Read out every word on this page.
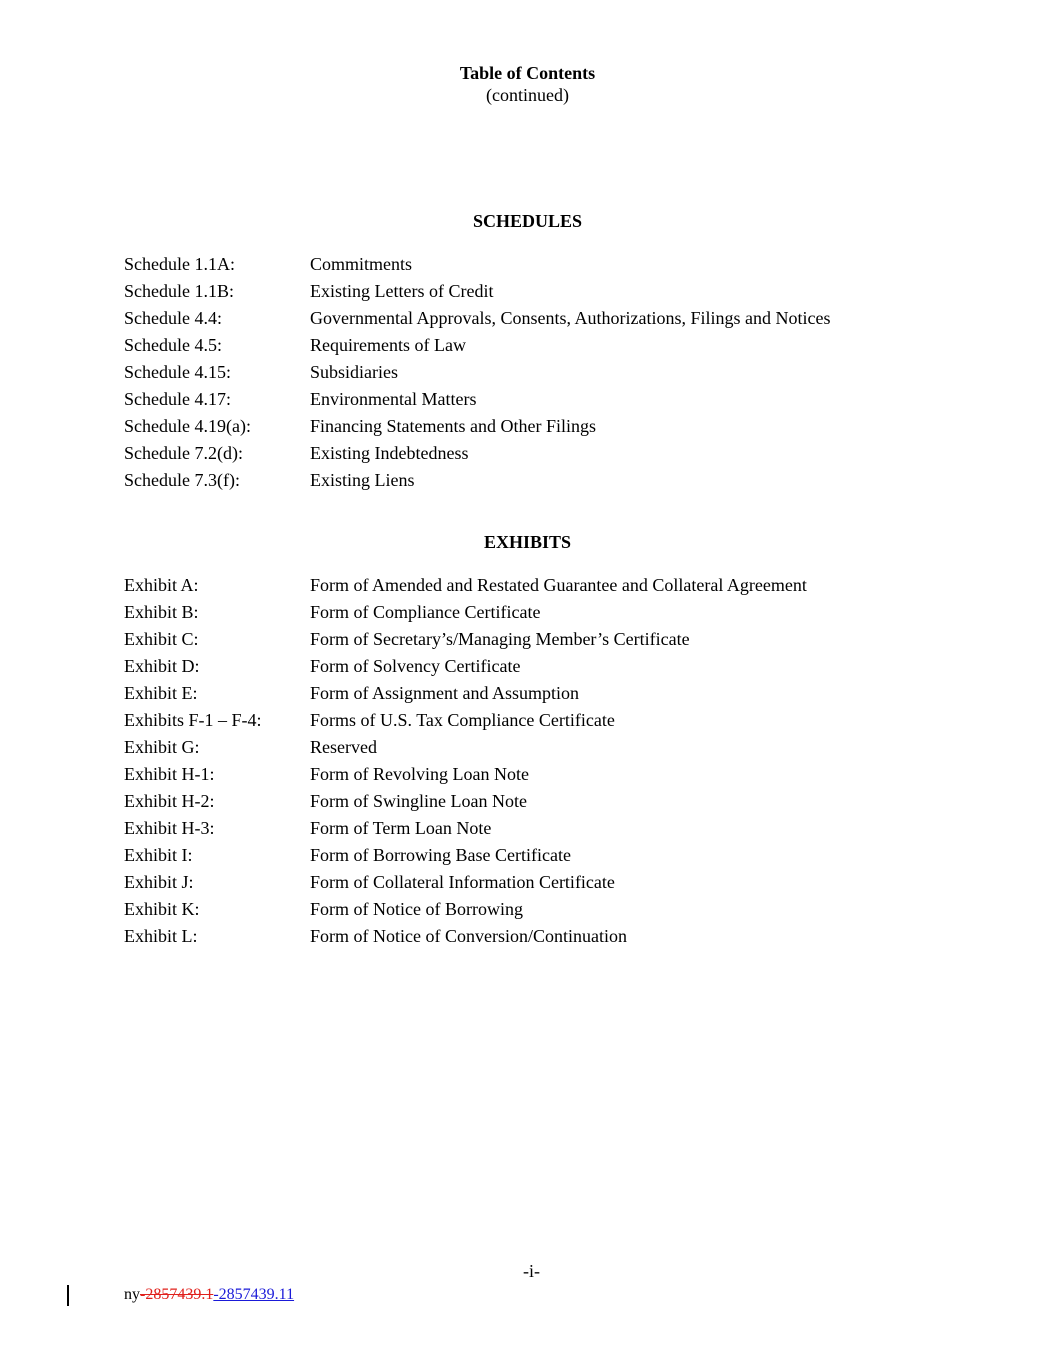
Table of Contents
(continued)
SCHEDULES
Schedule 1.1A:	Commitments
Schedule 1.1B:	Existing Letters of Credit
Schedule 4.4:	Governmental Approvals, Consents, Authorizations, Filings and Notices
Schedule 4.5:	Requirements of Law
Schedule 4.15:	Subsidiaries
Schedule 4.17:	Environmental Matters
Schedule 4.19(a):	Financing Statements and Other Filings
Schedule 7.2(d):	Existing Indebtedness
Schedule 7.3(f):	Existing Liens
EXHIBITS
Exhibit A:	Form of Amended and Restated Guarantee and Collateral Agreement
Exhibit B:	Form of Compliance Certificate
Exhibit C:	Form of Secretary’s/Managing Member’s Certificate
Exhibit D:	Form of Solvency Certificate
Exhibit E:	Form of Assignment and Assumption
Exhibits F-1 – F-4:	Forms of U.S. Tax Compliance Certificate
Exhibit G:	Reserved
Exhibit H-1:	Form of Revolving Loan Note
Exhibit H-2:	Form of Swingline Loan Note
Exhibit H-3:	Form of Term Loan Note
Exhibit I:	Form of Borrowing Base Certificate
Exhibit J:	Form of Collateral Information Certificate
Exhibit K:	Form of Notice of Borrowing
Exhibit L:	Form of Notice of Conversion/Continuation
-i-
ny-2857439.1-2857439.11
